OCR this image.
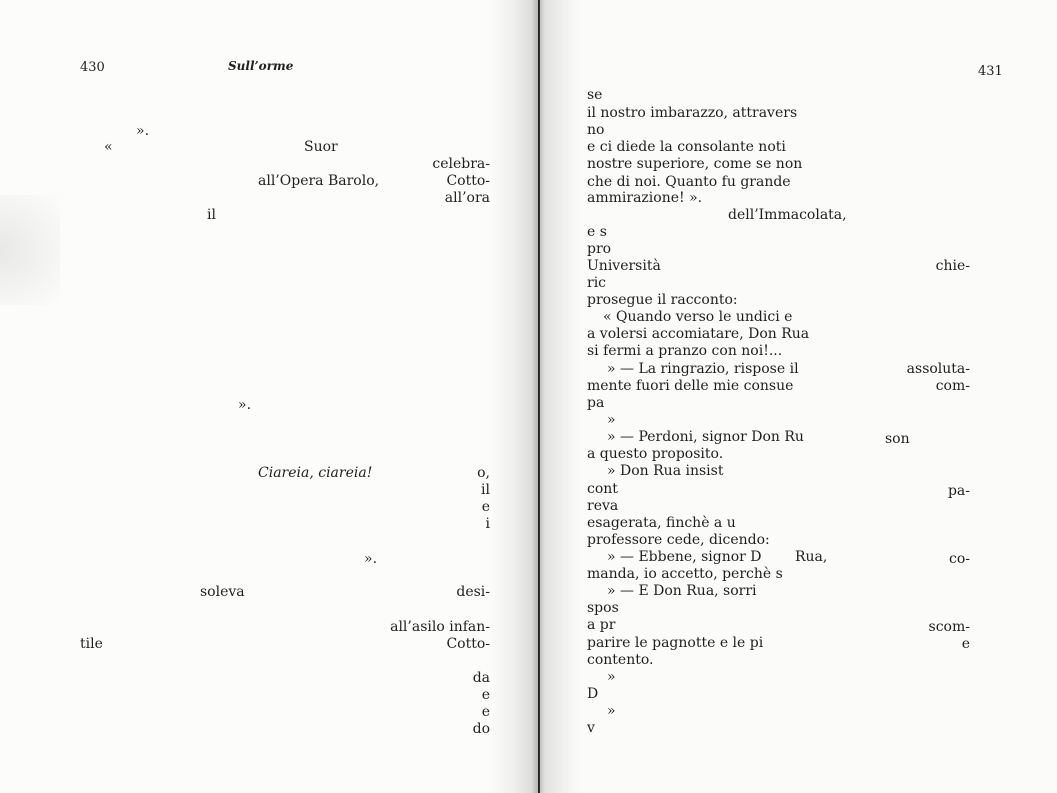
430	Sull’orme
».
«	Suor
celebra-
all’Opera Barolo,	Cotto-
all’ora
il
».
Ciareia, ciareia!	o,
il
e
i
».
soleva	desi-
all’asilo infan-
tile	Cotto-
da
e
e
do
431
se
il nostro imbarazzo, attravers
no
e ci diede la consolante noti
nostre superiore, come se non
che di noi. Quanto fu grande
ammirazione! ».
dell’Immacolata,
e s
pro
Università	chie-
ric
prosegue il racconto:
« Quando verso le undici e
a volersi accomiatare, Don Rua
si fermi a pranzo con noi!...
» — La ringrazio, rispose il	assoluta-
mente fuori delle mie consue	com-
pa
»
» — Perdoni, signor Don Ru	son
a questo proposito.
» Don Rua insist
cont	pa-
reva
esagerata, finchè a u
professore cede, dicendo:
» — Ebbene, signor D Rua,	co-
manda, io accetto, perchè s
» — E Don Rua, sorri
spos
a pr	scom-
parire le pagnotte e le pi	e
contento.
»
D
»
v
